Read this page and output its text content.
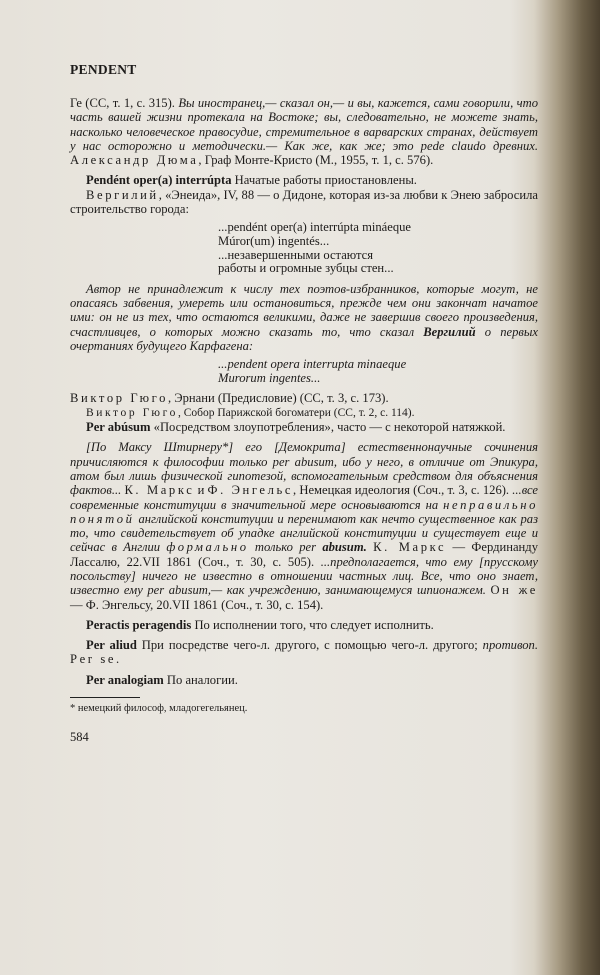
PENDENT

Ге (СС, т. 1, с. 315). Вы иностранец,— сказал он,— и вы, кажется, сами говорили, что часть вашей жизни протекала на Востоке; вы, следовательно, не можете знать, насколько человеческое правосудие, стремительное в варварских странах, действует у нас осторожно и методически.— Как же, как же; это pede claudo древних. Александр Дюма, Граф Монте-Кристо (М., 1955, т. 1, с. 576).

Pendént oper(a) interrúpta Начатые работы приостановлены.

Вергилий, «Энеида», IV, 88 — о Дидоне, которая из-за любви к Энею забросила строительство города:

...pendént oper(a) interrúpta mináeque
Múror(um) ingentés...
...незавершенными остаются
работы и огромные зубцы стен...

Автор не принадлежит к числу тех поэтов-избранников, которые могут, не опасаясь забвения, умереть или остановиться, прежде чем они закончат начатое ими: он не из тех, что остаются великими, даже не завершив своего произведения, счастливцев, о которых можно сказать то, что сказал Вергилий о первых очертаниях будущего Карфагена:

...pendent opera interrupta minaeque
Murorum ingentes...

Виктор Гюго, Эрнани (Предисловие) (СС, т. 3, с. 173).

Виктор Гюго, Собор Парижской богоматери (СС, т. 2, с. 114).

Per abúsum «Посредством злоупотребления», часто — с некоторой натяжкой.

[По Максу Штирнеру*] его [Демокрита] естественнонаучные сочинения причисляются к философии только per abusum, ибо у него, в отличие от Эпикура, атом был лишь физической гипотезой, вспомогательным средством для объяснения фактов... К. Маркс и Ф. Энгельс, Немецкая идеология (Соч., т. 3, с. 126). ...все современные конституции в значительной мере основываются на неправильно понятой английской конституции и перенимают как нечто существенное как раз то, что свидетельствует об упадке английской конституции и существует еще и сейчас в Англии формально только per abusum. К. Маркс — Фердинанду Лассалю, 22.VII 1861 (Соч., т. 30, с. 505). ...предполагается, что ему [прусскому посольству] ничего не известно в отношении частных лиц. Все, что оно знает, известно ему per abusum,— как учреждению, занимающемуся шпионажем. Он же — Ф. Энгельсу, 20.VII 1861 (Соч., т. 30, с. 154).

Peractis peragendis По исполнении того, что следует исполнить.

Per aliud При посредстве чего-л. другого, с помощью чего-л. другого; противоп. Per se.

Per analogiam По аналогии.

* немецкий философ, младогегельянец.
584
